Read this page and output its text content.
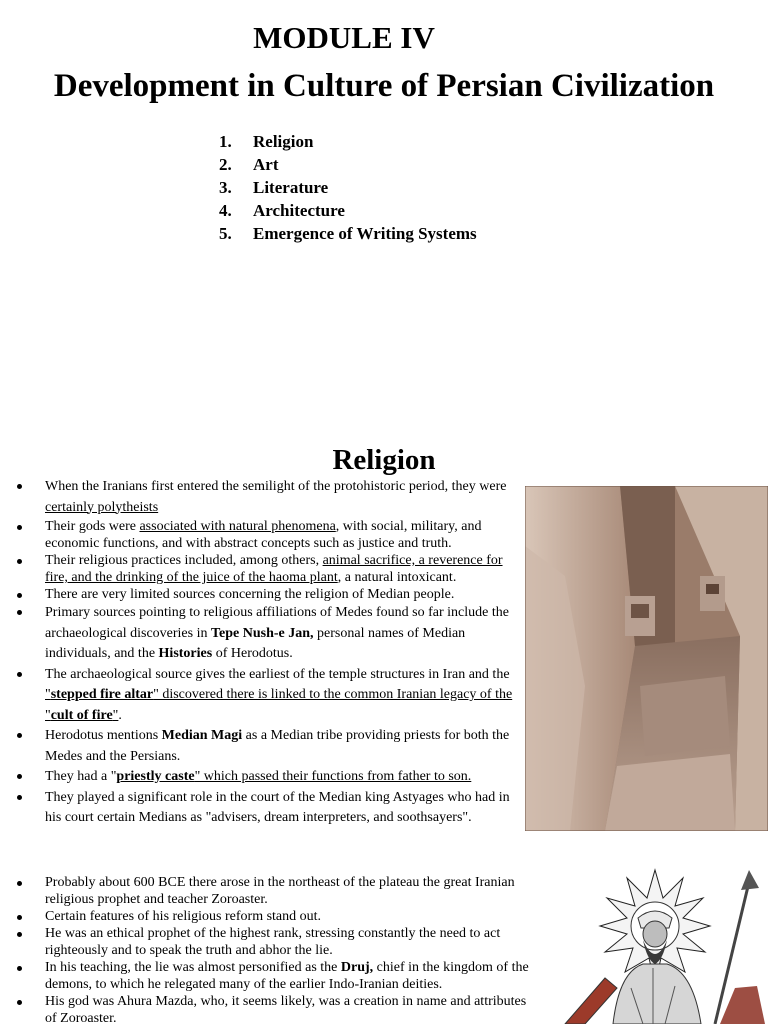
MODULE IV
Development in Culture of Persian Civilization
1.	Religion
2.	Art
3.	Literature
4.	Architecture
5.	Emergence of Writing Systems
Religion
When the Iranians first entered the semilight of the protohistoric period, they were certainly polytheists
Their gods were associated with natural phenomena, with social, military, and economic functions, and with abstract concepts such as justice and truth.
Their religious practices included, among others, animal sacrifice, a reverence for fire, and the drinking of the juice of the haoma plant, a natural intoxicant.
There are very limited sources concerning the religion of Median people.
Primary sources pointing to religious affiliations of Medes found so far include the archaeological discoveries in Tepe Nush-e Jan, personal names of Median individuals, and the Histories of Herodotus.
The archaeological source gives the earliest of the temple structures in Iran and the "stepped fire altar" discovered there is linked to the common Iranian legacy of the "cult of fire".
Herodotus mentions Median Magi as a Median tribe providing priests for both the Medes and the Persians.
They had a "priestly caste" which passed their functions from father to son.
They played a significant role in the court of the Median king Astyages who had in his court certain Medians as "advisers, dream interpreters, and soothsayers".
Probably about 600 BCE there arose in the northeast of the plateau the great Iranian religious prophet and teacher Zoroaster.
Certain features of his religious reform stand out.
He was an ethical prophet of the highest rank, stressing constantly the need to act righteously and to speak the truth and abhor the lie.
In his teaching, the lie was almost personified as the Druj, chief in the kingdom of the demons, to which he relegated many of the earlier Indo-Iranian deities.
His god was Ahura Mazda, who, it seems likely, was a creation in name and attributes of Zoroaster.
